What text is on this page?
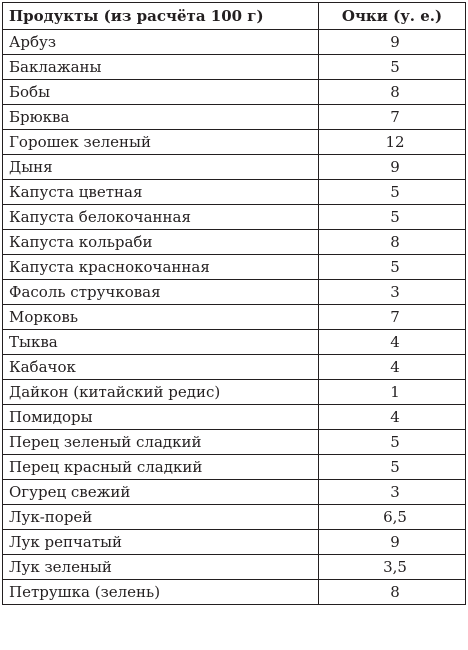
Продукты (из расчёта 100 г)	Очки (у. е.)
Арбуз	9
Баклажаны	5
Бобы	8
Брюква	7
Горошек зеленый	12
Дыня	9
Капуста цветная	5
Капуста белокочанная	5
Капуста кольраби	8
Капуста краснокочанная	5
Фасоль стручковая	3
Морковь	7
Тыква	4
Кабачок	4
Дайкон (китайский редис)	1
Помидоры	4
Перец зеленый сладкий	5
Перец красный сладкий	5
Огурец свежий	3
Лук-порей	6,5
Лук репчатый	9
Лук зеленый	3,5
Петрушка (зелень)	8
